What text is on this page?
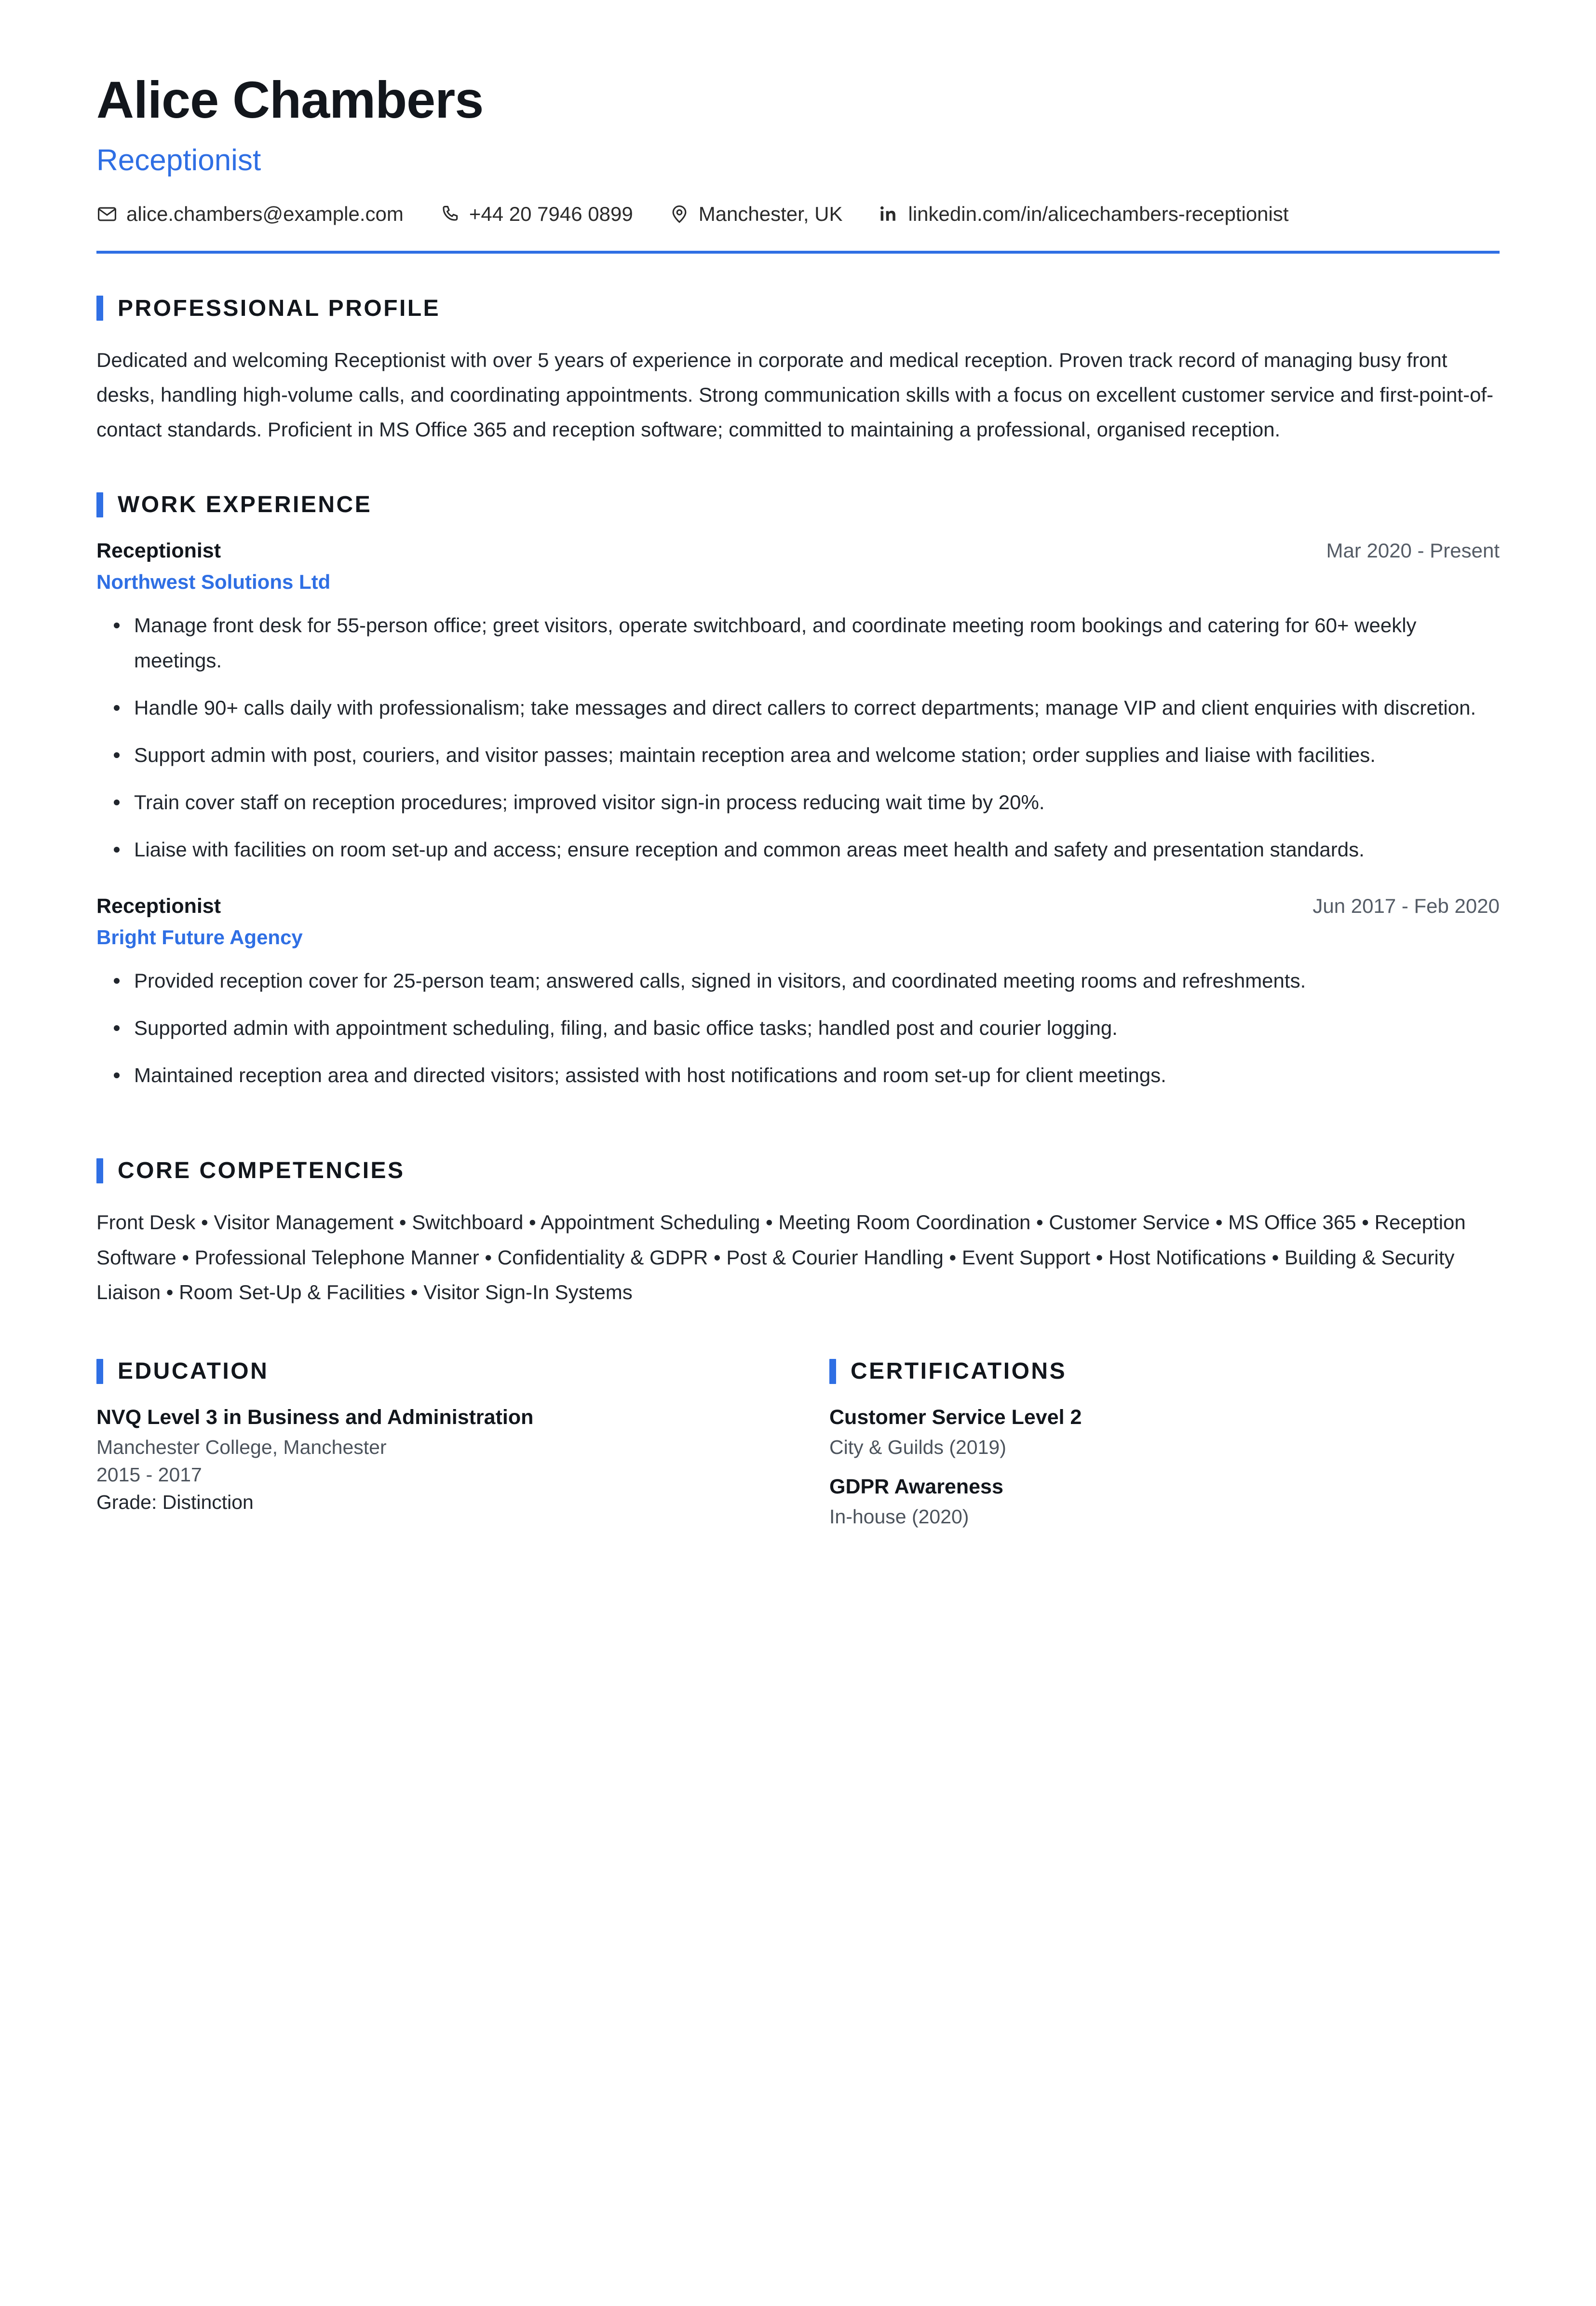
Alice Chambers
Receptionist
alice.chambers@example.com	+44 20 7946 0899	Manchester, UK	linkedin.com/in/alicechambers-receptionist
PROFESSIONAL PROFILE

Dedicated and welcoming Receptionist with over 5 years of experience in corporate and medical reception. Proven track record of managing busy front desks, handling high-volume calls, and coordinating appointments. Strong communication skills with a focus on excellent customer service and first-point-of-contact standards. Proficient in MS Office 365 and reception software; committed to maintaining a professional, organised reception.

WORK EXPERIENCE
Receptionist	Mar 2020 - Present
Northwest Solutions Ltd
Manage front desk for 55-person office; greet visitors, operate switchboard, and coordinate meeting room bookings and catering for 60+ weekly meetings.
Handle 90+ calls daily with professionalism; take messages and direct callers to correct departments; manage VIP and client enquiries with discretion.
Support admin with post, couriers, and visitor passes; maintain reception area and welcome station; order supplies and liaise with facilities.
Train cover staff on reception procedures; improved visitor sign-in process reducing wait time by 20%.
Liaise with facilities on room set-up and access; ensure reception and common areas meet health and safety and presentation standards.
Receptionist	Jun 2017 - Feb 2020
Bright Future Agency
Provided reception cover for 25-person team; answered calls, signed in visitors, and coordinated meeting rooms and refreshments.
Supported admin with appointment scheduling, filing, and basic office tasks; handled post and courier logging.
Maintained reception area and directed visitors; assisted with host notifications and room set-up for client meetings.
CORE COMPETENCIES
Front Desk • Visitor Management • Switchboard • Appointment Scheduling • Meeting Room Coordination • Customer Service • MS Office 365 • Reception Software • Professional Telephone Manner • Confidentiality & GDPR • Post & Courier Handling • Event Support • Host Notifications • Building & Security Liaison • Room Set-Up & Facilities • Visitor Sign-In Systems
EDUCATION
NVQ Level 3 in Business and Administration
Manchester College, Manchester
2015 - 2017
Grade: Distinction
CERTIFICATIONS
Customer Service Level 2
City & Guilds (2019)
GDPR Awareness
In-house (2020)
